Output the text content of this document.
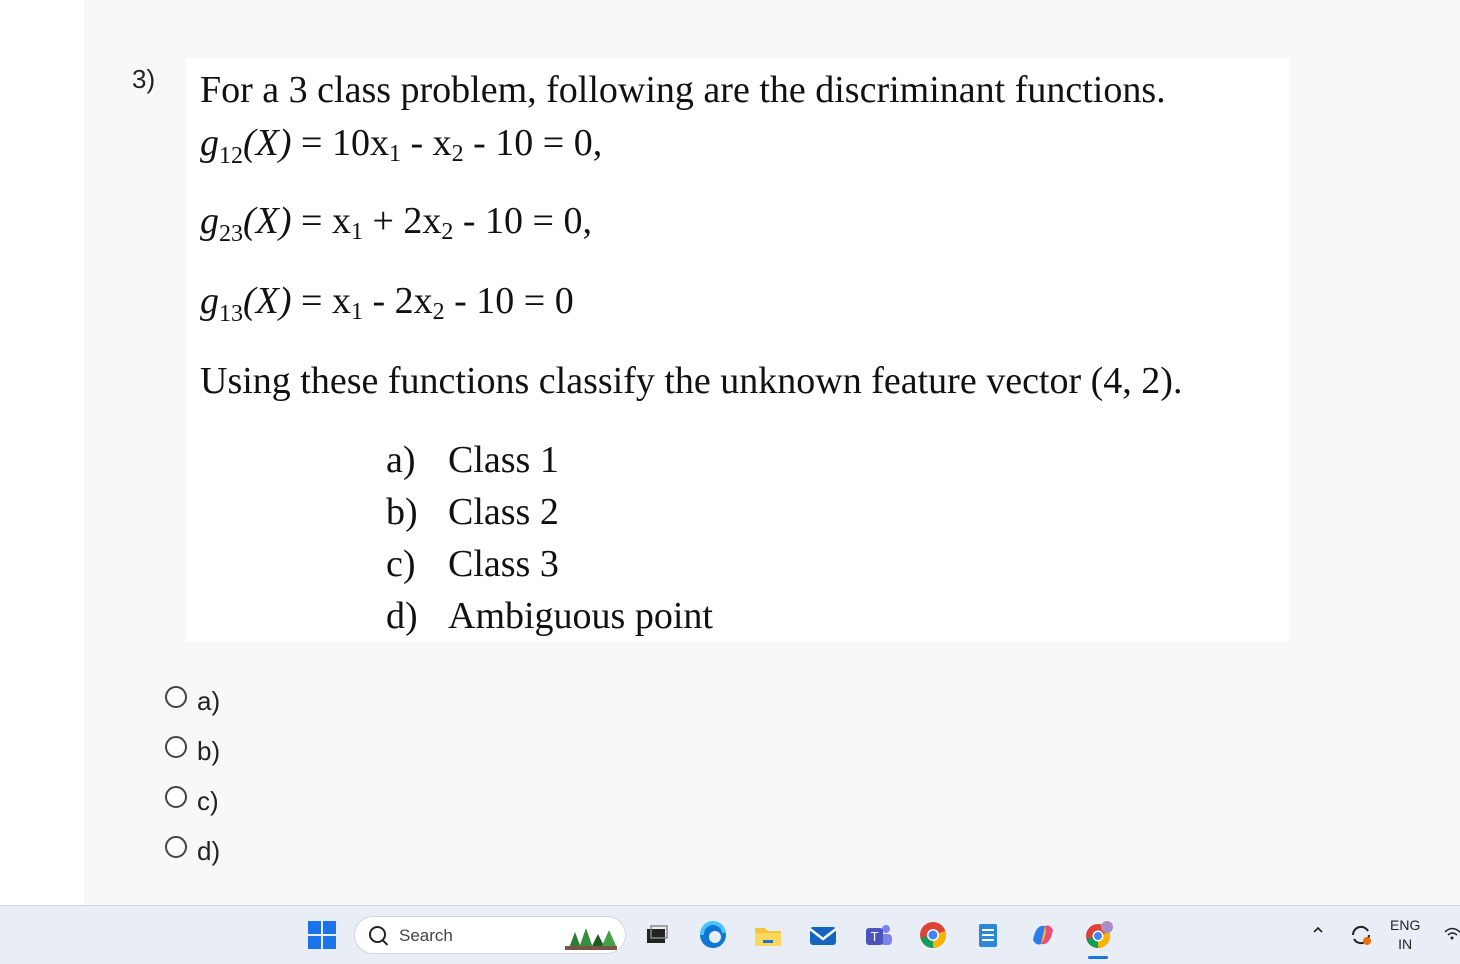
3) For a 3 class problem, following are the discriminant functions.
$g_{12}(X) = 10x1 - x2 - 10 = 0$,
$g_{23}(X) = x1 + 2x2 - 10 = 0$,
$g_{13}(X) = x1 - 2x2 - 10 = 0$
Using these functions classify the unknown feature vector (4, 2).
a) Class 1
b) Class 2
c) Class 3
d) Ambiguous point
a)
b)
c)
d)
Search	T
ENG
IN
